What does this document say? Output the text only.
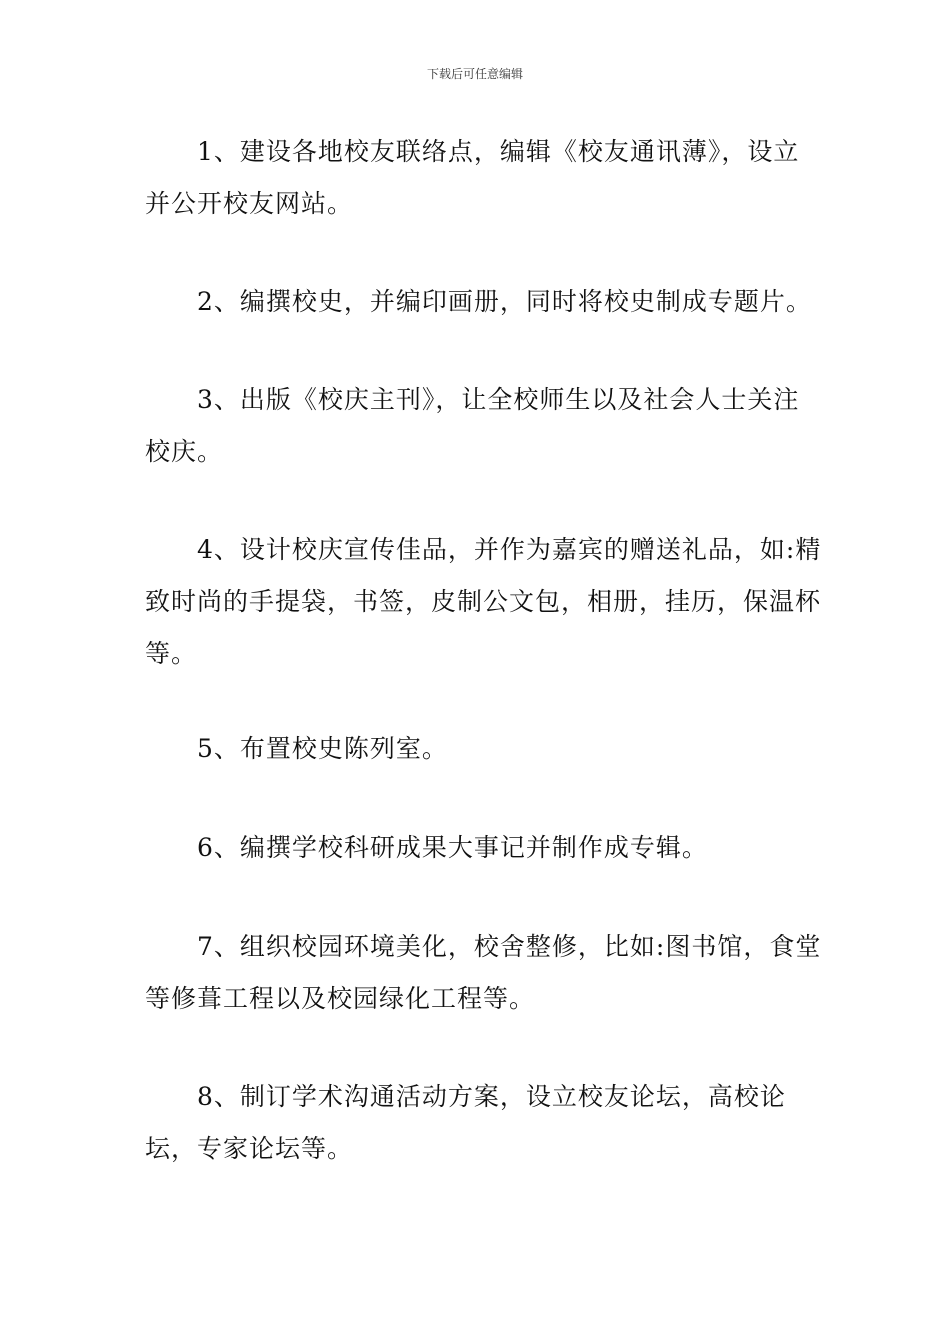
下载后可任意编辑

1、建设各地校友联络点，编辑《校友通讯薄》，设立并公开校友网站。

2、编撰校史，并编印画册，同时将校史制成专题片。

3、出版《校庆主刊》，让全校师生以及社会人士关注校庆。

4、设计校庆宣传佳品，并作为嘉宾的赠送礼品，如:精致时尚的手提袋，书签，皮制公文包，相册，挂历，保温杯等。

5、布置校史陈列室。

6、编撰学校科研成果大事记并制作成专辑。

7、组织校园环境美化，校舍整修，比如:图书馆，食堂等修葺工程以及校园绿化工程等。

8、制订学术沟通活动方案，设立校友论坛，高校论坛，专家论坛等。
